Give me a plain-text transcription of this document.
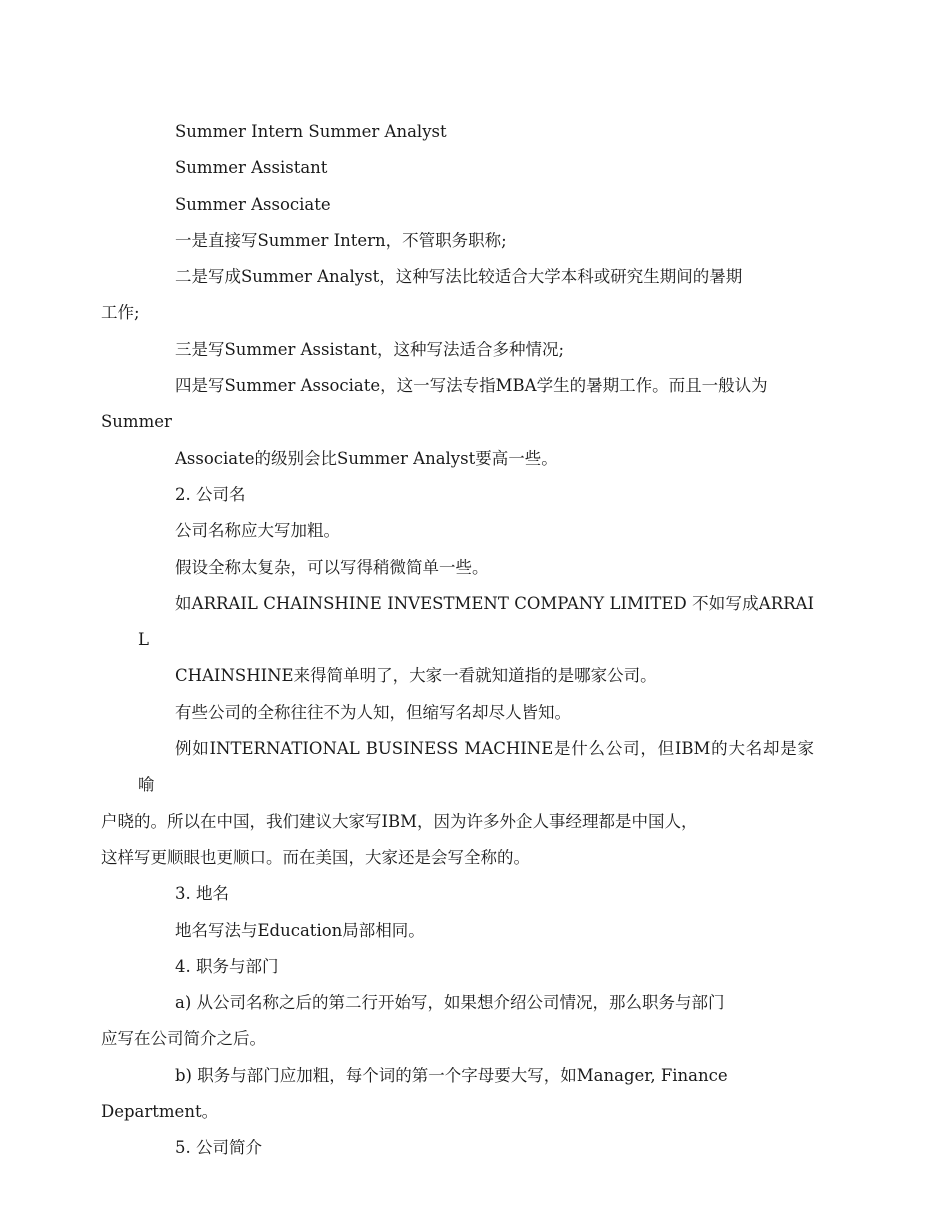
Summer Intern Summer Analyst

Summer Assistant

Summer Associate

一是直接写Summer Intern，不管职务职称;

二是写成Summer Analyst，这种写法比较适合大学本科或研究生期间的暑期
工作;

三是写Summer Assistant，这种写法适合多种情况;

四是写Summer Associate，这一写法专指MBA学生的暑期工作。而且一般认为
Summer

Associate的级别会比Summer Analyst要高一些。

2. 公司名

公司名称应大写加粗。

假设全称太复杂，可以写得稍微简单一些。

如ARRAIL CHAINSHINE INVESTMENT COMPANY LIMITED 不如写成ARRAIL

CHAINSHINE来得简单明了，大家一看就知道指的是哪家公司。

有些公司的全称往往不为人知，但缩写名却尽人皆知。

例如INTERNATIONAL BUSINESS MACHINE是什么公司，但IBM的大名却是家喻
户晓的。所以在中国，我们建议大家写IBM，因为许多外企人事经理都是中国人，
这样写更顺眼也更顺口。而在美国，大家还是会写全称的。

3. 地名

地名写法与Education局部相同。

4. 职务与部门

a) 从公司名称之后的第二行开始写，如果想介绍公司情况，那么职务与部门
应写在公司简介之后。

b) 职务与部门应加粗，每个词的第一个字母要大写，如Manager, Finance
Department。

5. 公司简介
